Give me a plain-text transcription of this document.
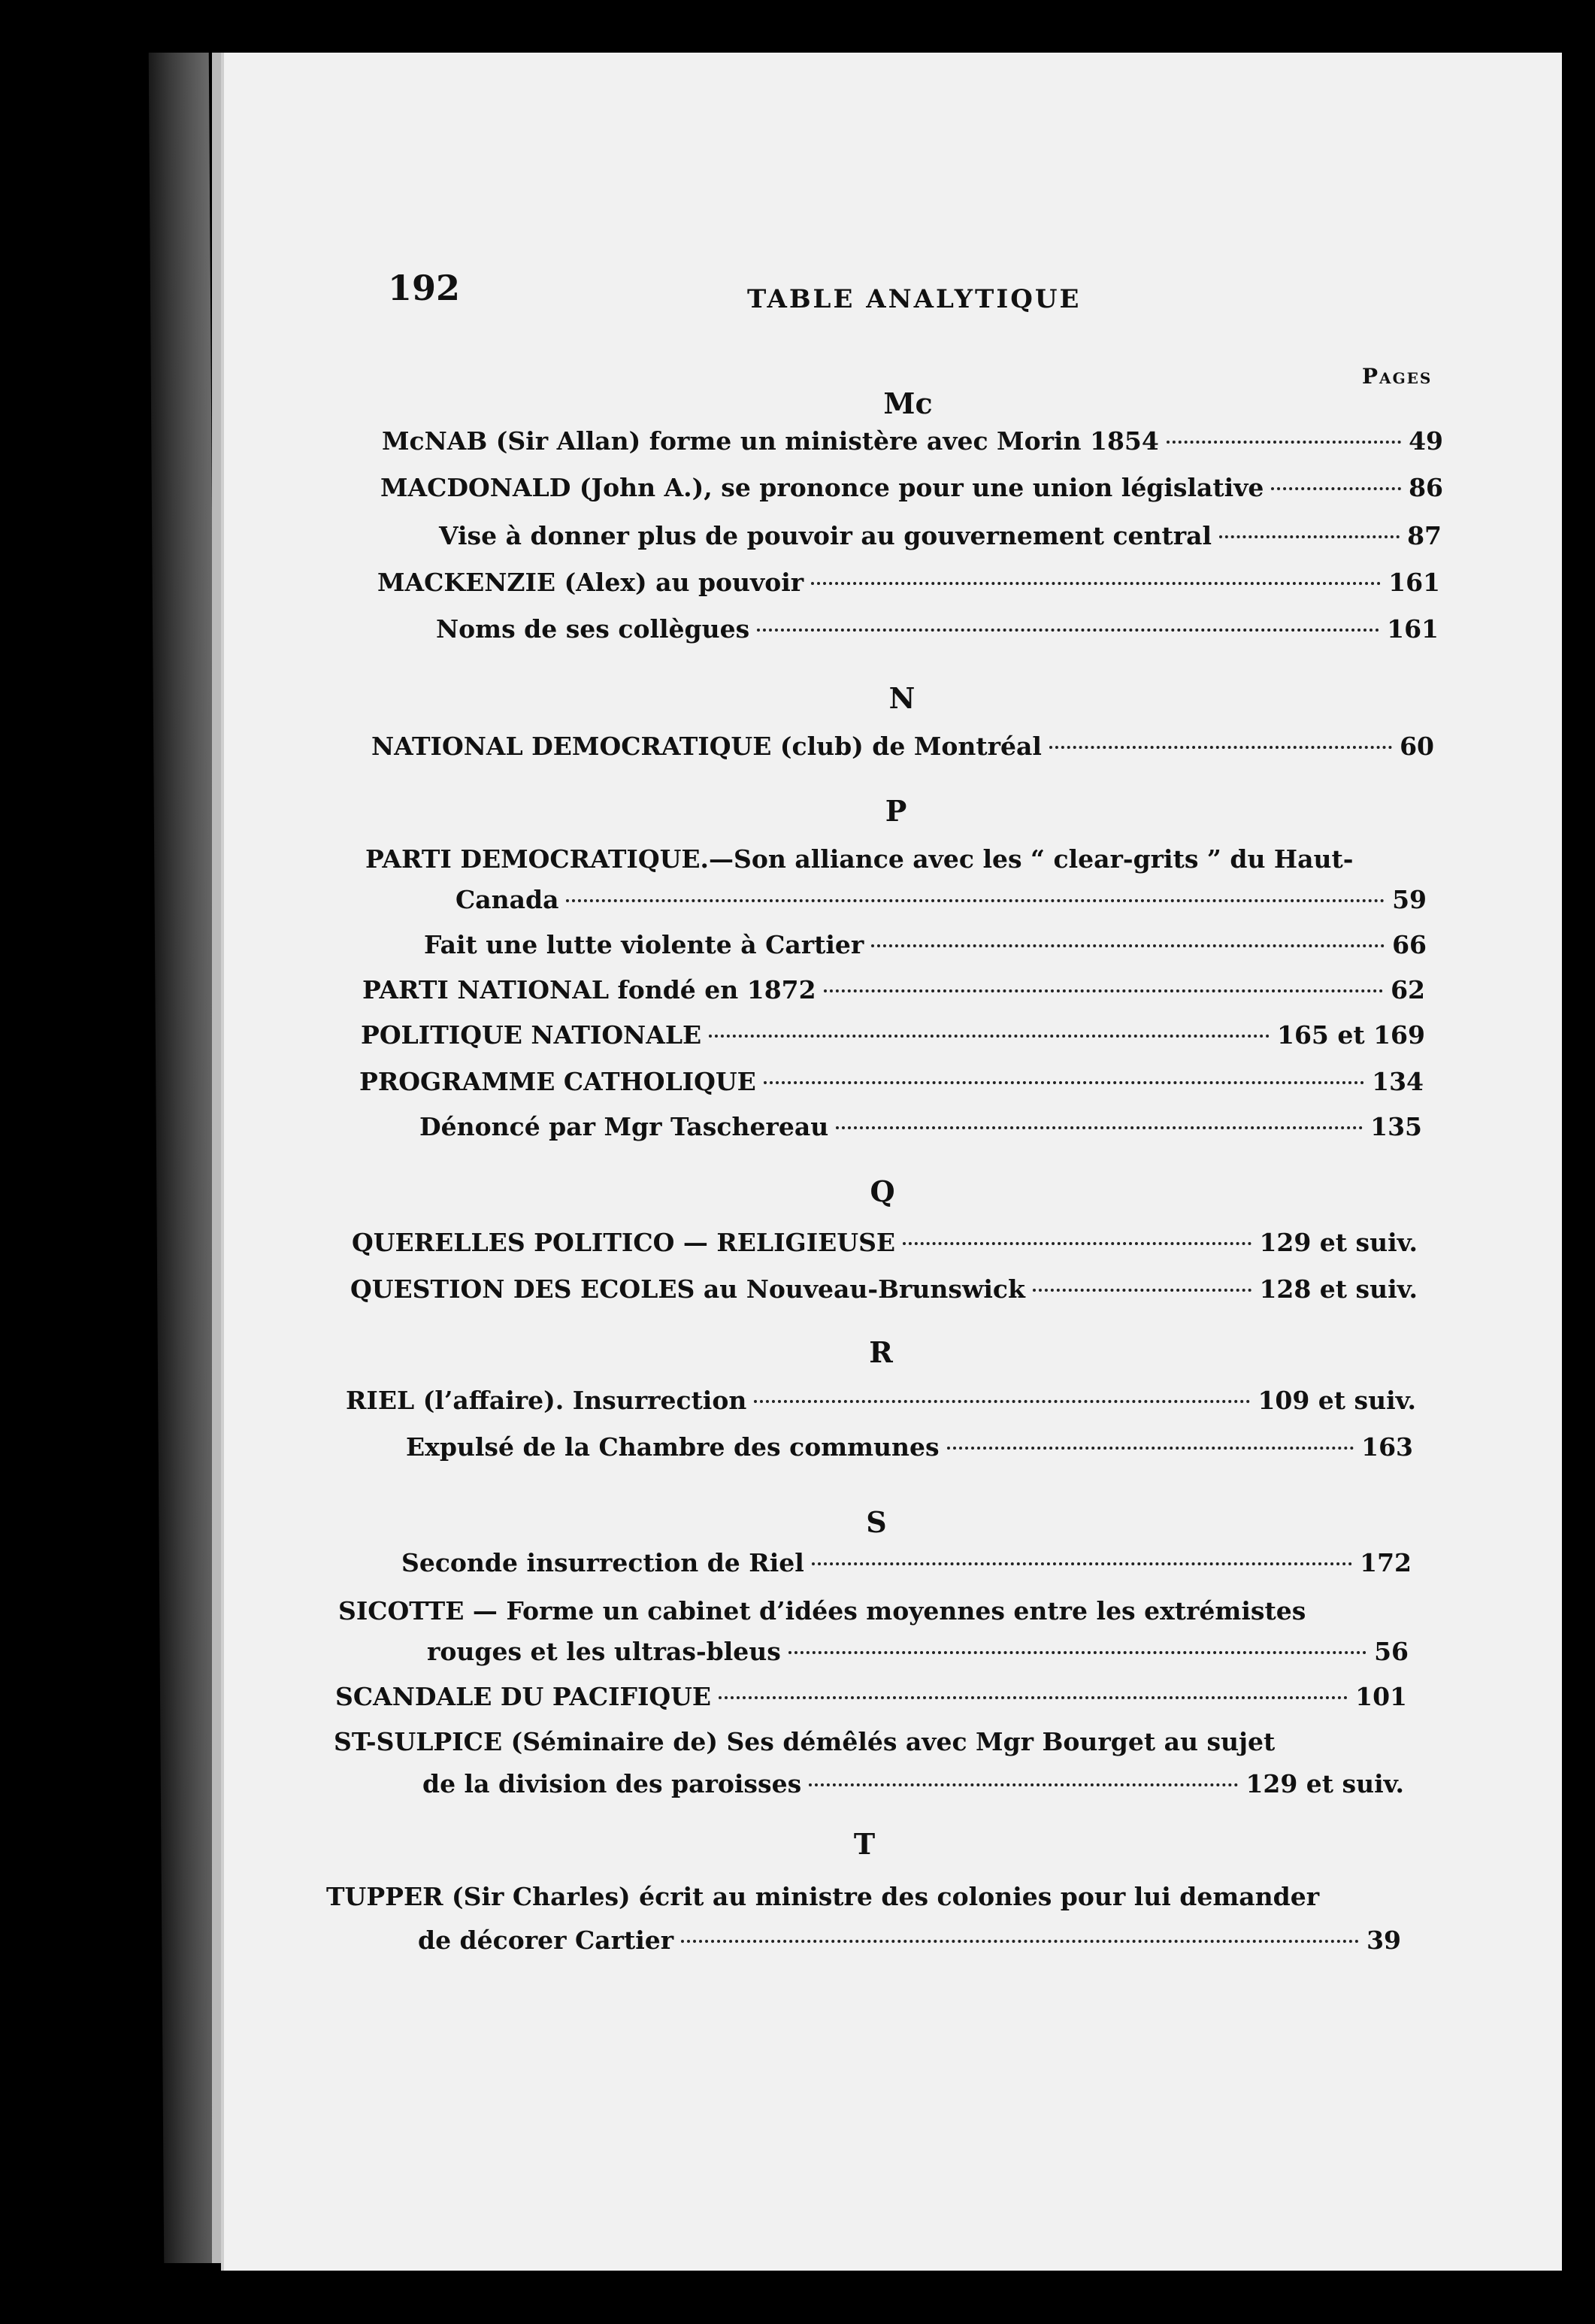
192	TABLE ANALYTIQUE
Pages
Mc
McNAB (Sir Allan) forme un ministère avec Morin 1854	49
MACDONALD (John A.), se prononce pour une union législative	86
Vise à donner plus de pouvoir au gouvernement central	87
MACKENZIE (Alex) au pouvoir	161
Noms de ses collègues	161
N
NATIONAL DEMOCRATIQUE (club) de Montréal	60
P
PARTI DEMOCRATIQUE.—Son alliance avec les “ clear-grits ” du Haut-
Canada	59
Fait une lutte violente à Cartier	66
PARTI NATIONAL fondé en 1872	62
POLITIQUE NATIONALE	165 et 169
PROGRAMME CATHOLIQUE	134
Dénoncé par Mgr Taschereau	135
Q
QUERELLES POLITICO — RELIGIEUSE	129 et suiv.
QUESTION DES ECOLES au Nouveau-Brunswick	128 et suiv.
R
RIEL (l’affaire). Insurrection	109 et suiv.
Expulsé de la Chambre des communes	163
S
Seconde insurrection de Riel	172
SICOTTE — Forme un cabinet d’idées moyennes entre les extrémistes
rouges et les ultras-bleus	56
SCANDALE DU PACIFIQUE	101
ST-SULPICE (Séminaire de) Ses démêlés avec Mgr Bourget au sujet
de la division des paroisses	129 et suiv.
T
TUPPER (Sir Charles) écrit au ministre des colonies pour lui demander
de décorer Cartier	39
